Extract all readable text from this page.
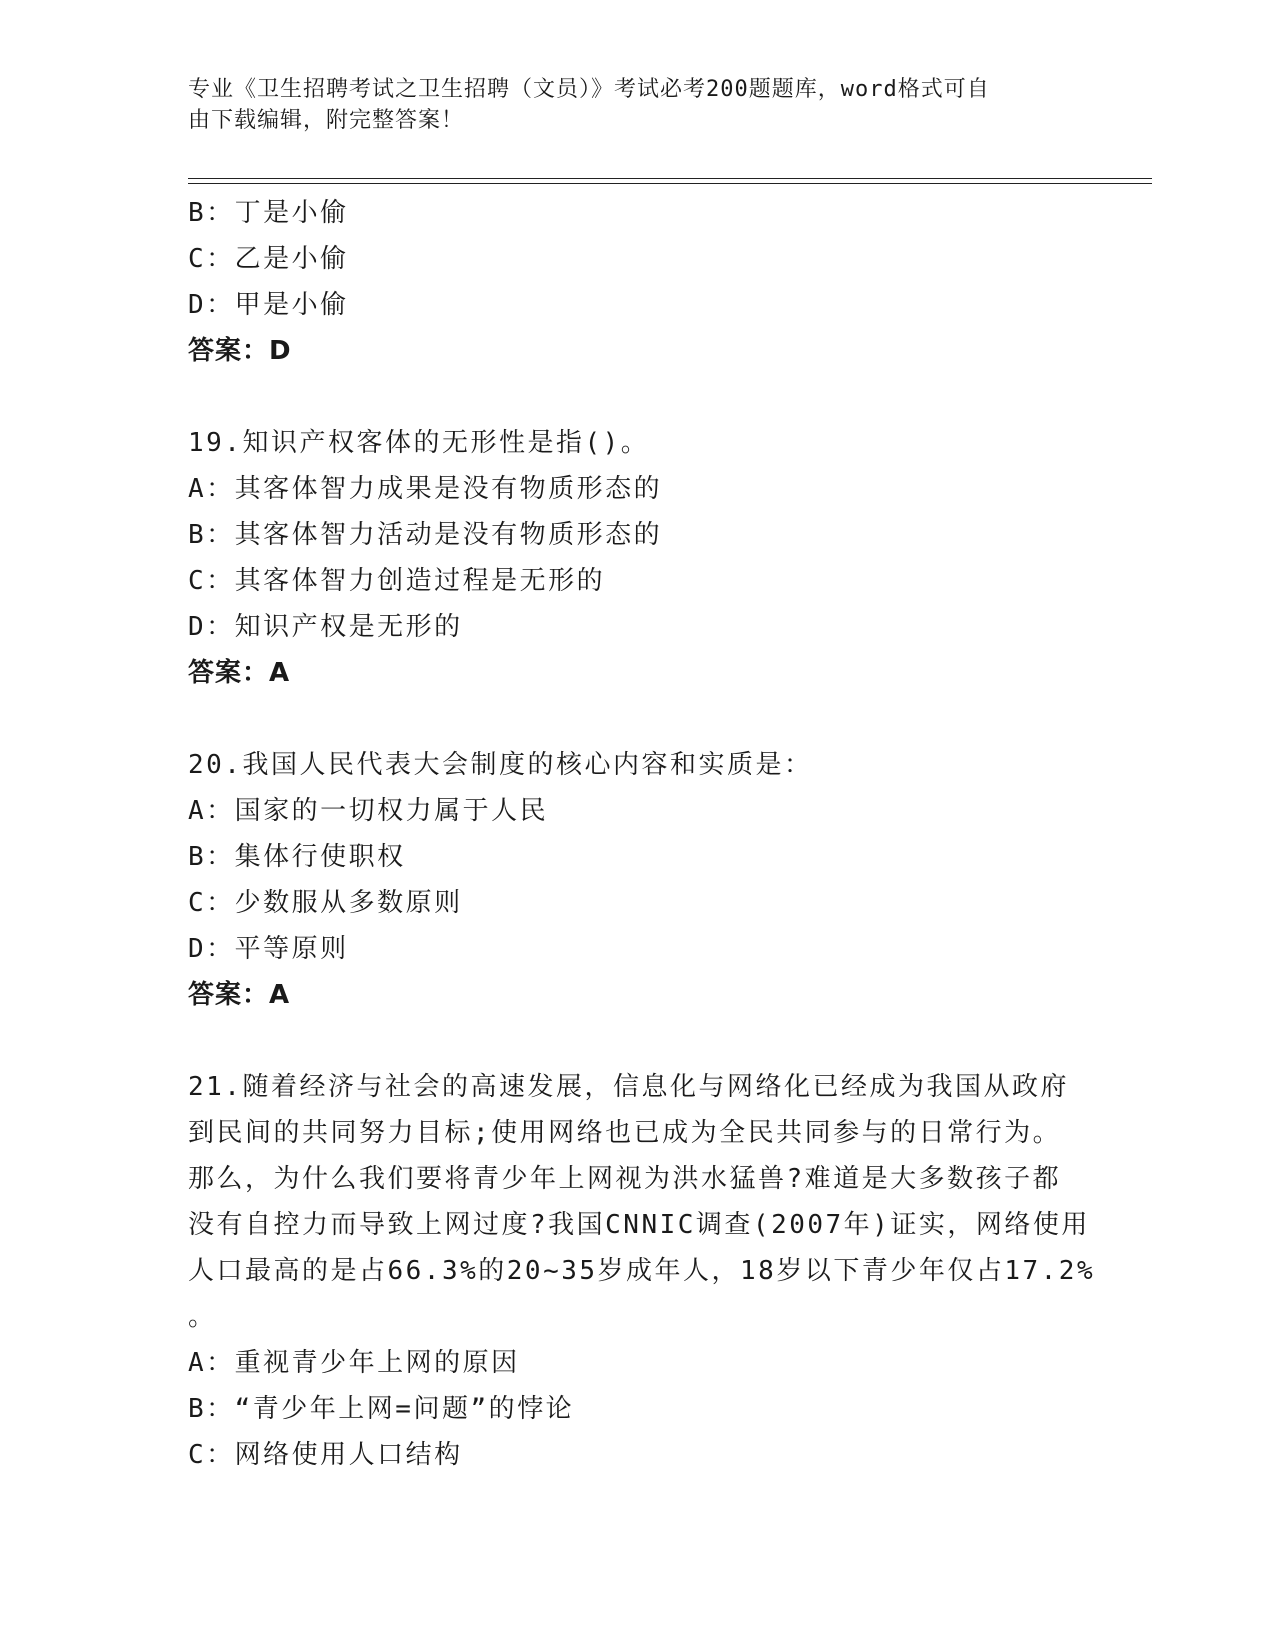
专业《卫生招聘考试之卫生招聘（文员）》考试必考200题题库，word格式可自
由下载编辑，附完整答案！
B：丁是小偷
C：乙是小偷
D：甲是小偷
答案：D
19.知识产权客体的无形性是指()。
A：其客体智力成果是没有物质形态的
B：其客体智力活动是没有物质形态的
C：其客体智力创造过程是无形的
D：知识产权是无形的
答案：A
20.我国人民代表大会制度的核心内容和实质是：
A：国家的一切权力属于人民
B：集体行使职权
C：少数服从多数原则
D：平等原则
答案：A
21.随着经济与社会的高速发展，信息化与网络化已经成为我国从政府
到民间的共同努力目标;使用网络也已成为全民共同参与的日常行为。
那么，为什么我们要将青少年上网视为洪水猛兽?难道是大多数孩子都
没有自控力而导致上网过度?我国CNNIC调查(2007年)证实，网络使用
人口最高的是占66.3%的20~35岁成年人，18岁以下青少年仅占17.2%
。
A：重视青少年上网的原因
B：“青少年上网=问题”的悖论
C：网络使用人口结构
